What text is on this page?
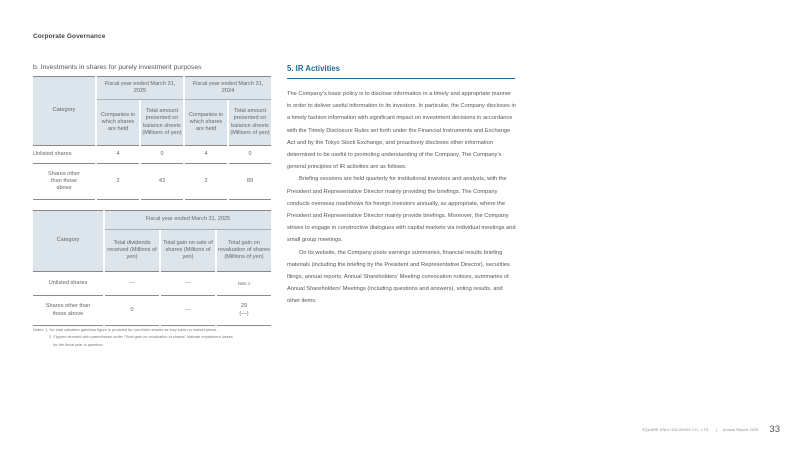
Corporate Governance
b. Investments in shares for purely investment purposes
Category	Fiscal year ended March 31, 2025		Fiscal year ended March 31, 2024	
	Companies in which shares are held	Total amount presented on balance sheets (Millions of yen)	Companies in which shares are held	Total amount presented on balance sheets (Millions of yen)
Unlisted shares	4	0	4	0
Shares other than those above	2	43	2	89
Category	Fiscal year ended March 31, 2025		
	Total dividends received (Millions of yen)	Total gain on sale of shares (Millions of yen)	Total gain on revaluation of shares (Millions of yen)
Unlisted shares	—	—	Note 1
Shares other than those above	0	—	29
(—)
Notes: 1. No total valuation gain/loss figure is provided for non-listed shares as they have no market prices.
2. Figures denoted with parentheses under “Total gain on revaluation of shares” indicate impairment losses
for the fiscal year in question.
5. IR Activities

The Company’s basic policy is to disclose information in a timely and appropriate manner in order to deliver useful information to its investors. In particular, the Company discloses in a timely fashion information with significant impact on investment decisions in accordance with the Timely Disclosure Rules set forth under the Financial Instruments and Exchange Act and by the Tokyo Stock Exchange, and proactively discloses other information determined to be useful to promoting understanding of the Company. The Company’s general principles of IR activities are as follows.

Briefing sessions are held quarterly for institutional investors and analysts, with the President and Representative Director mainly providing the briefings. The Company conducts overseas roadshows for foreign investors annually, as appropriate, where the President and Representative Director mainly provide briefings. Moreover, the Company strives to engage in constructive dialogues with capital markets via individual meetings and small group meetings.

On its website, the Company posts earnings summaries, financial results briefing materials (including the briefing by the President and Representative Director), securities filings, annual reports, Annual Shareholders’ Meeting convocation notices, summaries of Annual Shareholders’ Meetings (including questions and answers), voting results, and other items.

SQUARE ENIX HOLDINGS CO., LTD. | Annual Report 2025 33
